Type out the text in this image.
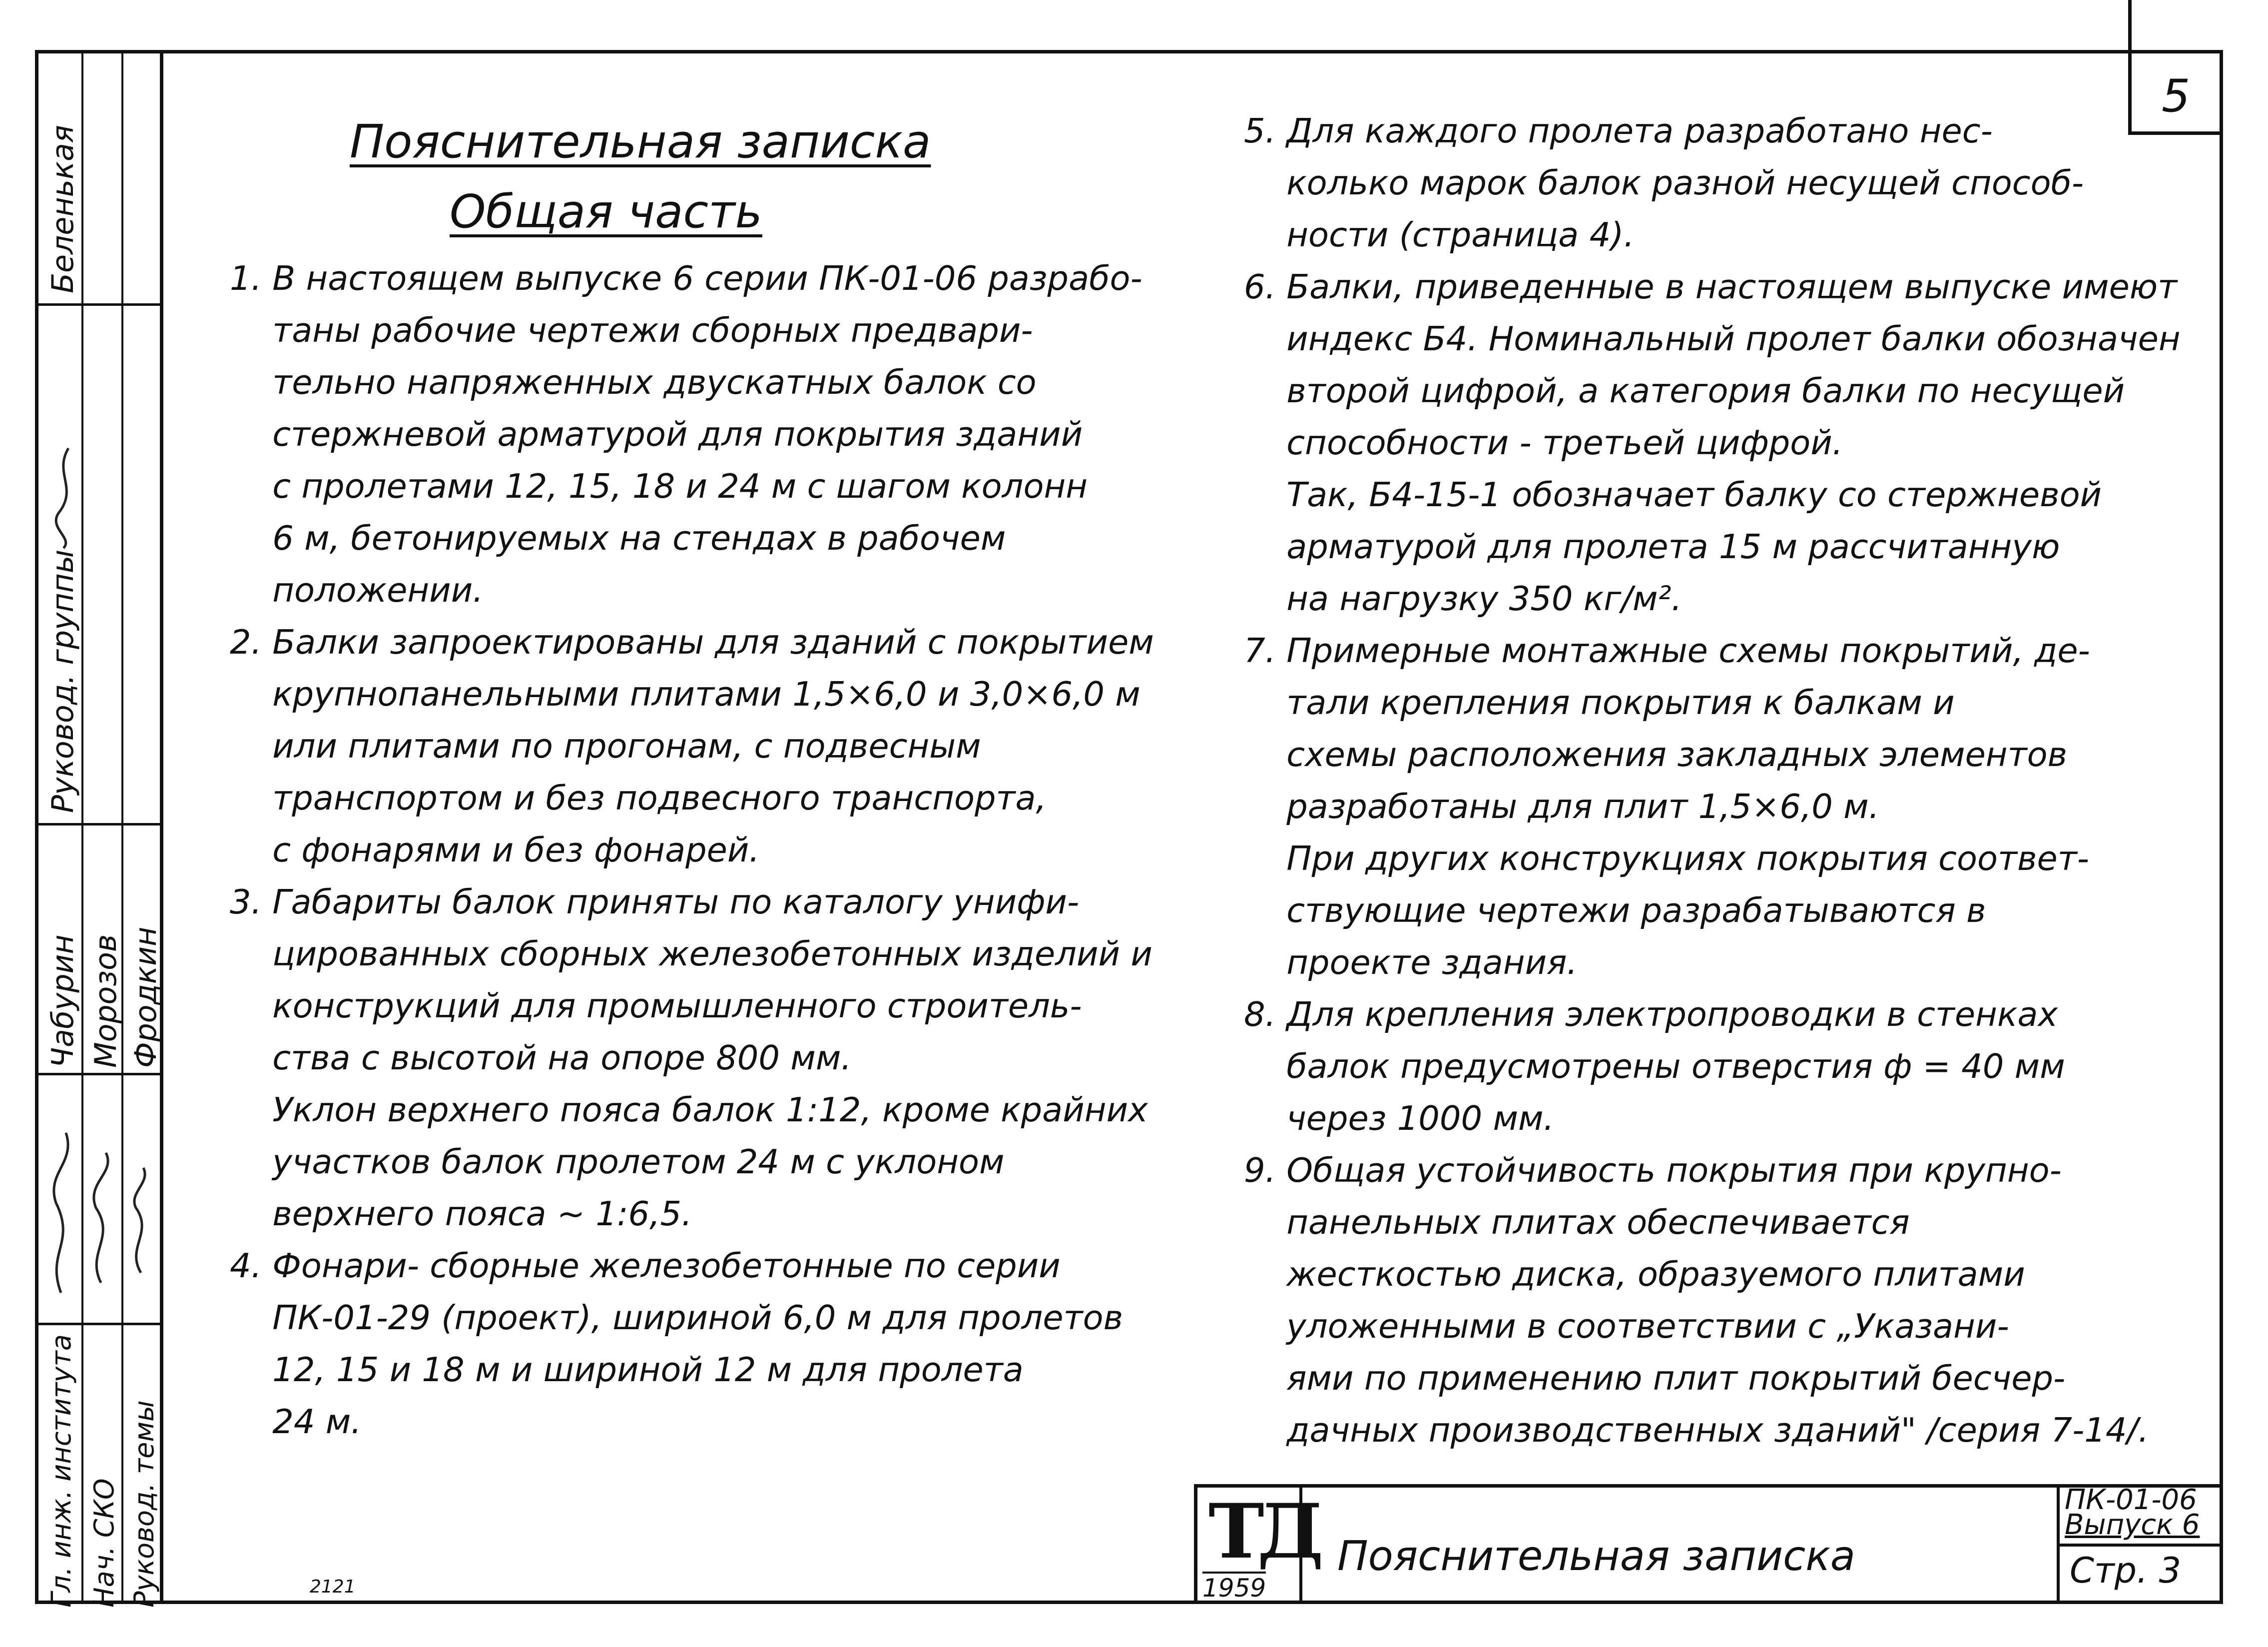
Гл. инж. института Нач. СКО Руковод. темы
Чабурин Морозов Фродкин
Руковод. группы
Беленькая
5
Пояснительная записка
Общая часть

1. В настоящем выпуске 6 серии ПК-01-06 разрабо-

таны рабочие чертежи сборных предвари-

тельно напряженных двускатных балок со

стержневой арматурой для покрытия зданий

с пролетами 12, 15, 18 и 24 м с шагом колонн

6 м, бетонируемых на стендах в рабочем

положении.

2. Балки запроектированы для зданий с покрытием

крупнопанельными плитами 1,5×6,0 и 3,0×6,0 м

или плитами по прогонам, с подвесным

транспортом и без подвесного транспорта,

с фонарями и без фонарей.

3. Габариты балок приняты по каталогу унифи-

цированных сборных железобетонных изделий и

конструкций для промышленного строитель-

ства с высотой на опоре 800 мм.

Уклон верхнего пояса балок 1:12, кроме крайних

участков балок пролетом 24 м с уклоном

верхнего пояса ~ 1:6,5.

4. Фонари- сборные железобетонные по серии

ПК-01-29 (проект), шириной 6,0 м для пролетов

12, 15 и 18 м и шириной 12 м для пролета

24 м.

5. Для каждого пролета разработано нес-

колько марок балок разной несущей способ-

ности (страница 4).

6. Балки, приведенные в настоящем выпуске имеют

индекс Б4. Номинальный пролет балки обозначен

второй цифрой, а категория балки по несущей

способности - третьей цифрой.

Так, Б4-15-1 обозначает балку со стержневой

арматурой для пролета 15 м рассчитанную

на нагрузку 350 кг/м².

7. Примерные монтажные схемы покрытий, де-

тали крепления покрытия к балкам и

схемы расположения закладных элементов

разработаны для плит 1,5×6,0 м.

При других конструкциях покрытия соответ-

ствующие чертежи разрабатываются в

проекте здания.

8. Для крепления электропроводки в стенках

балок предусмотрены отверстия ф = 40 мм

через 1000 мм.

9. Общая устойчивость покрытия при крупно-

панельных плитах обеспечивается

жесткостью диска, образуемого плитами

уложенными в соответствии с „Указани-

ями по применению плит покрытий бесчер-

дачных производственных зданий" /серия 7-14/.

ТД
1959
Пояснительная записка
ПК-01-06
Выпуск 6
Стр. 3
2121
